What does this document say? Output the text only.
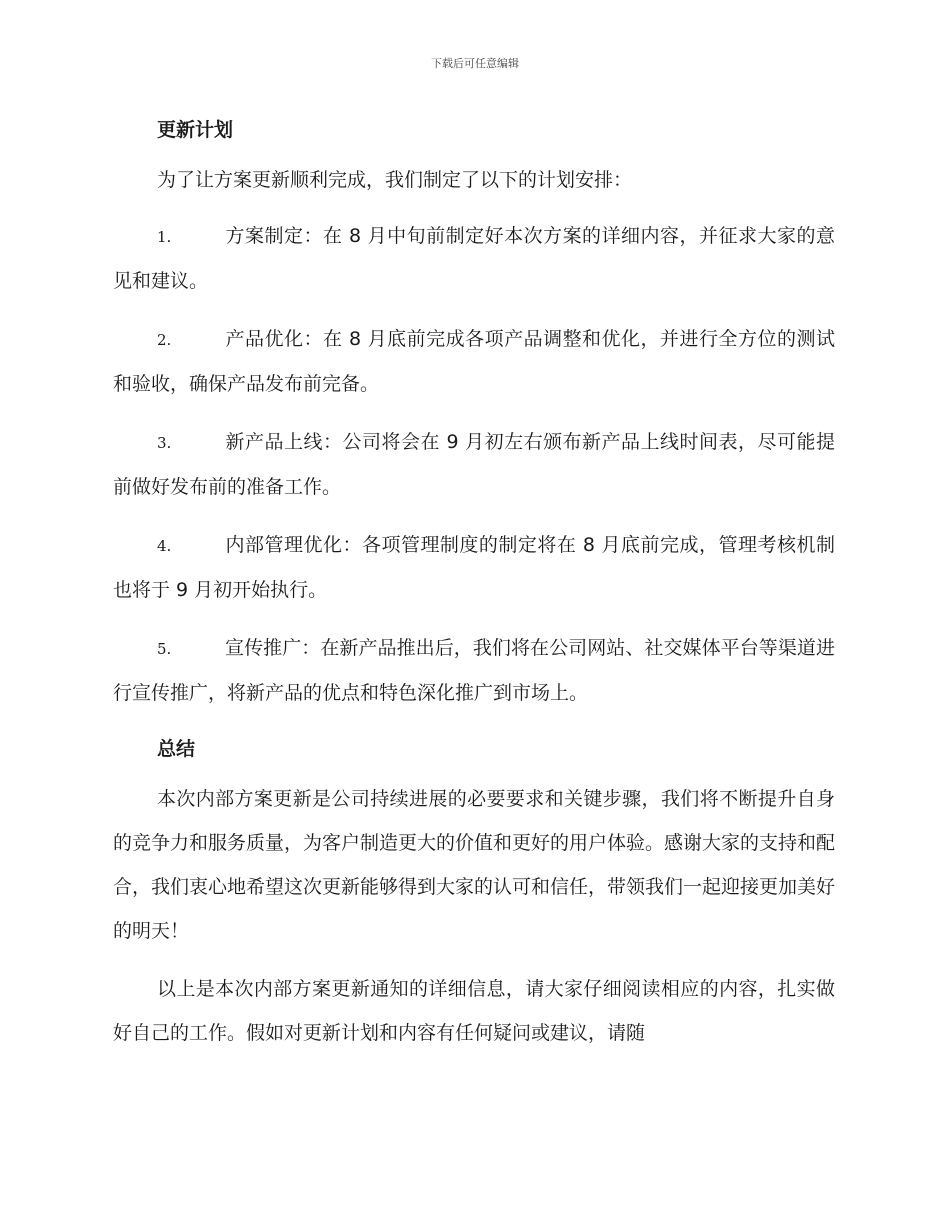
下载后可任意编辑
更新计划
为了让方案更新顺利完成，我们制定了以下的计划安排：
1.	方案制定：在 8 月中旬前制定好本次方案的详细内容，并征求大家的意见和建议。
2.	产品优化：在 8 月底前完成各项产品调整和优化，并进行全方位的测试和验收，确保产品发布前完备。
3.	新产品上线：公司将会在 9 月初左右颁布新产品上线时间表，尽可能提前做好发布前的准备工作。
4.	内部管理优化：各项管理制度的制定将在 8 月底前完成，管理考核机制也将于 9 月初开始执行。
5.	宣传推广：在新产品推出后，我们将在公司网站、社交媒体平台等渠道进行宣传推广，将新产品的优点和特色深化推广到市场上。
总结
本次内部方案更新是公司持续进展的必要要求和关键步骤，我们将不断提升自身的竞争力和服务质量，为客户制造更大的价值和更好的用户体验。感谢大家的支持和配合，我们衷心地希望这次更新能够得到大家的认可和信任，带领我们一起迎接更加美好的明天！
以上是本次内部方案更新通知的详细信息，请大家仔细阅读相应的内容，扎实做好自己的工作。假如对更新计划和内容有任何疑问或建议，请随
